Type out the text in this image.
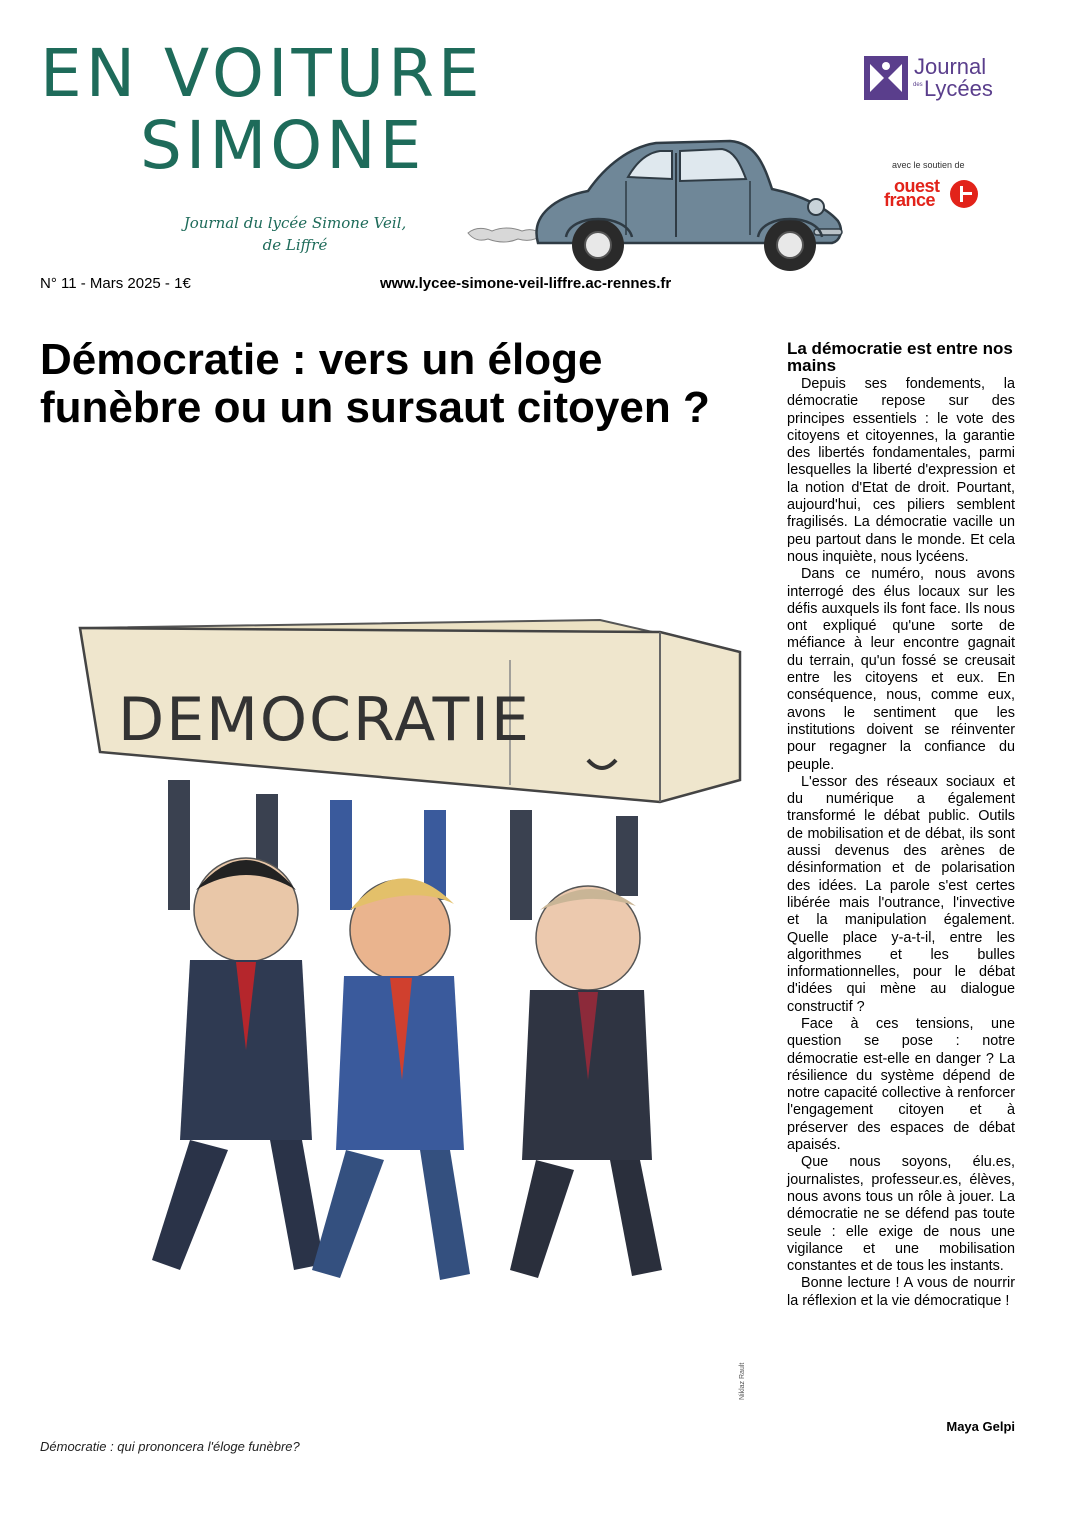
EN VOITURE
SIMONE
Journal du lycée Simone Veil,
de Liffré
Journal
des Lycées
avec le soutien de
ouest
france
N° 11 - Mars 2025 - 1€	www.lycee-simone-veil-liffre.ac-rennes.fr
Démocratie : vers un éloge
funèbre ou un sursaut citoyen ?
DEMOCRATIE
Niklaz Rault
Démocratie : qui prononcera l'éloge funèbre?
La démocratie est entre nos mains

Depuis ses fondements, la démocratie repose sur des principes essentiels : le vote des citoyens et citoyennes, la garantie des libertés fondamentales, parmi lesquelles la liberté d'expression et la notion d'Etat de droit. Pourtant, aujourd'hui, ces piliers semblent fragilisés. La démocratie vacille un peu partout dans le monde. Et cela nous inquiète, nous lycéens.

Dans ce numéro, nous avons interrogé des élus locaux sur les défis auxquels ils font face. Ils nous ont expliqué qu'une sorte de méfiance à leur encontre gagnait du terrain, qu'un fossé se creusait entre les citoyens et eux. En conséquence, nous, comme eux, avons le sentiment que les institutions doivent se réinventer pour regagner la confiance du peuple.

L'essor des réseaux sociaux et du numérique a également transformé le débat public. Outils de mobilisation et de débat, ils sont aussi devenus des arènes de désinformation et de polarisation des idées. La parole s'est certes libérée mais l'outrance, l'invective et la manipulation également. Quelle place y-a-t-il, entre les algorithmes et les bulles informationnelles, pour le débat d'idées qui mène au dialogue constructif ?

Face à ces tensions, une question se pose : notre démocratie est-elle en danger ? La résilience du système dépend de notre capacité collective à renforcer l'engagement citoyen et à préserver des espaces de débat apaisés.

Que nous soyons, élu.es, journalistes, professeur.es, élèves, nous avons tous un rôle à jouer. La démocratie ne se défend pas toute seule : elle exige de nous une vigilance et une mobilisation constantes et de tous les instants.

Bonne lecture ! A vous de nourrir la réflexion et la vie démocratique !

Maya Gelpi
